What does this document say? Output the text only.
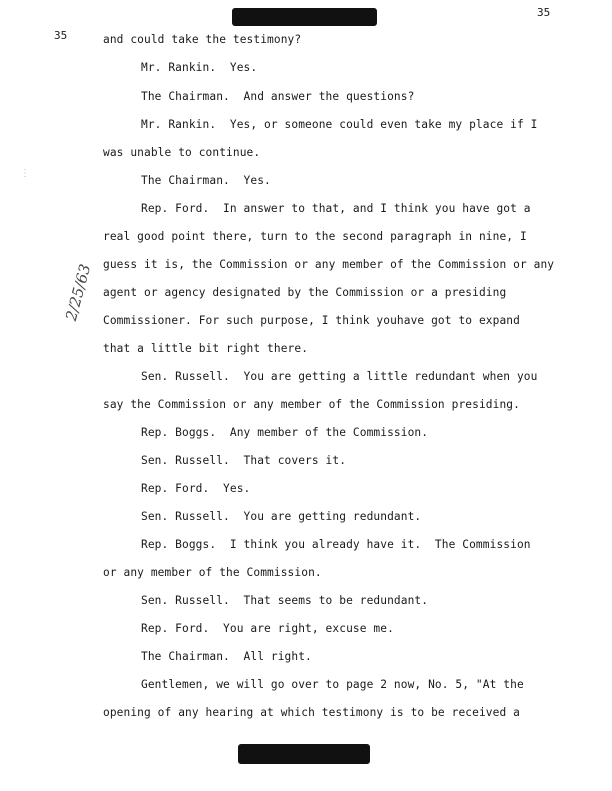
35
35
2/25/63
⋮
and could take the testimony?
Mr. Rankin.  Yes.
The Chairman.  And answer the questions?
Mr. Rankin.  Yes, or someone could even take my place if I
was unable to continue.
The Chairman.  Yes.
Rep. Ford.  In answer to that, and I think you have got a
real good point there, turn to the second paragraph in nine, I
guess it is, the Commission or any member of the Commission or any
agent or agency designated by the Commission or a presiding
Commissioner. For such purpose, I think youhave got to expand
that a little bit right there.
Sen. Russell.  You are getting a little redundant when you
say the Commission or any member of the Commission presiding.
Rep. Boggs.  Any member of the Commission.
Sen. Russell.  That covers it.
Rep. Ford.  Yes.
Sen. Russell.  You are getting redundant.
Rep. Boggs.  I think you already have it.  The Commission
or any member of the Commission.
Sen. Russell.  That seems to be redundant.
Rep. Ford.  You are right, excuse me.
The Chairman.  All right.
Gentlemen, we will go over to page 2 now, No. 5, "At the
opening of any hearing at which testimony is to be received a
